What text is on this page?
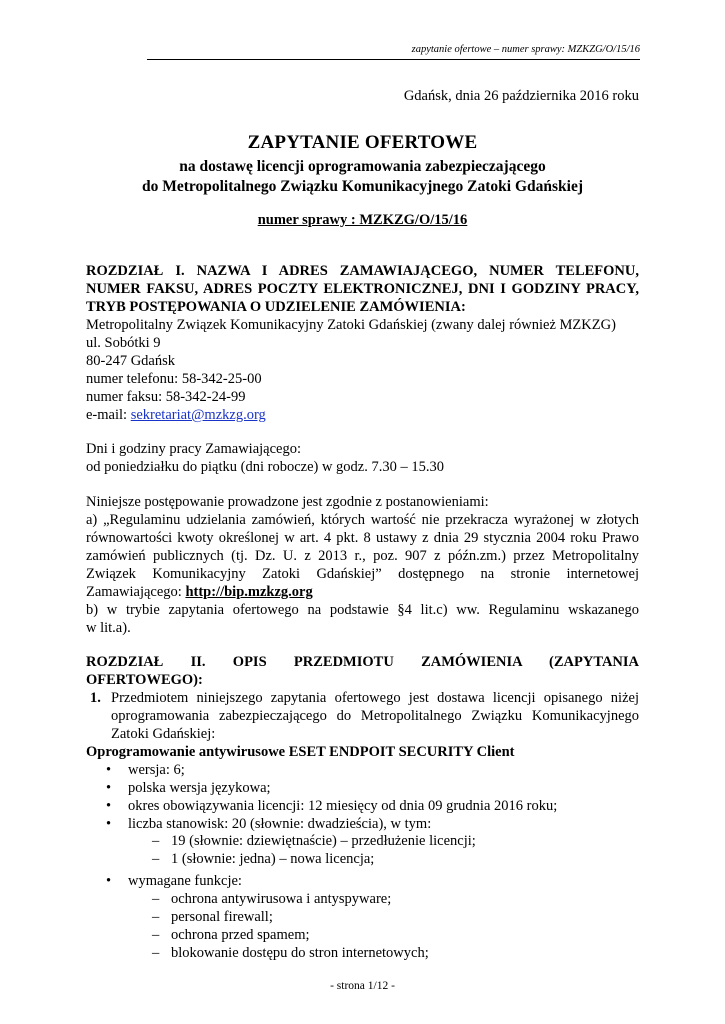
zapytanie ofertowe – numer sprawy: MZKZG/O/15/16
Gdańsk, dnia 26 października 2016 roku
ZAPYTANIE OFERTOWE
na dostawę licencji oprogramowania zabezpieczającego
do Metropolitalnego Związku Komunikacyjnego Zatoki Gdańskiej
numer sprawy : MZKZG/O/15/16
ROZDZIAŁ I. NAZWA I ADRES ZAMAWIAJĄCEGO, NUMER TELEFONU,
NUMER FAKSU, ADRES POCZTY ELEKTRONICZNEJ, DNI I GODZINY PRACY,
TRYB POSTĘPOWANIA O UDZIELENIE ZAMÓWIENIA:
Metropolitalny Związek Komunikacyjny Zatoki Gdańskiej (zwany dalej również MZKZG)
ul. Sobótki 9
80-247 Gdańsk
numer telefonu: 58-342-25-00
numer faksu: 58-342-24-99
e-mail: sekretariat@mzkzg.org
Dni i godziny pracy Zamawiającego:
od poniedziałku do piątku (dni robocze) w godz. 7.30 – 15.30
Niniejsze postępowanie prowadzone jest zgodnie z postanowieniami:
a) „Regulaminu udzielania zamówień, których wartość nie przekracza wyrażonej w złotych
równowartości kwoty określonej w art. 4 pkt. 8 ustawy z dnia 29 stycznia 2004 roku Prawo
zamówień publicznych (tj. Dz. U. z 2013 r., poz. 907 z późn.zm.) przez Metropolitalny
Związek Komunikacyjny Zatoki Gdańskiej” dostępnego na stronie internetowej
Zamawiającego: http://bip.mzkzg.org
b) w trybie zapytania ofertowego na podstawie §4 lit.c) ww. Regulaminu wskazanego
w lit.a).
ROZDZIAŁ II. OPIS PRZEDMIOTU ZAMÓWIENIA (ZAPYTANIA
OFERTOWEGO):
1. Przedmiotem niniejszego zapytania ofertowego jest dostawa licencji opisanego niżej
oprogramowania zabezpieczającego do Metropolitalnego Związku Komunikacyjnego
Zatoki Gdańskiej:
Oprogramowanie antywirusowe ESET ENDPOIT SECURITY Client
• wersja: 6;
• polska wersja językowa;
• okres obowiązywania licencji: 12 miesięcy od dnia 09 grudnia 2016 roku;
• liczba stanowisk: 20 (słownie: dwadzieścia), w tym:
– 19 (słownie: dziewiętnaście) – przedłużenie licencji;
– 1 (słownie: jedna) – nowa licencja;
• wymagane funkcje:
– ochrona antywirusowa i antyspyware;
– personal firewall;
– ochrona przed spamem;
– blokowanie dostępu do stron internetowych;
- strona 1/12 -
